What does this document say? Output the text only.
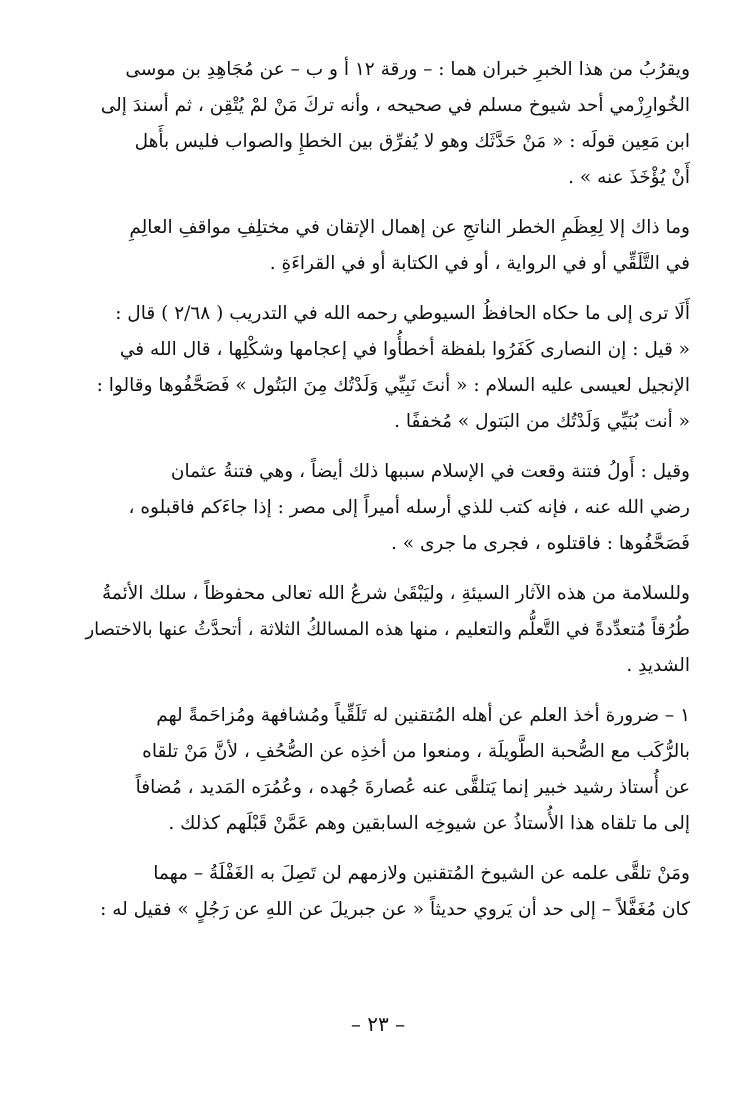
ويقرُبُ من هذا الخبرِ خبران هما : – ورقة ١٢ أ و ب – عن مُجَاهِدِ بن موسى
الخُوارِزْمي أحد شيوخ مسلم في صحيحه ، وأنه تركَ مَنْ لمْ يُتْقِن ، ثم أسندَ إلى
ابن مَعِين قولَه : « مَنْ حَدَّثَك وهو لا يُفرِّق بين الخطإِ والصواب فليس بأَهل
أَنْ يُؤْخَذَ عنه » .
وما ذاك إلا لِعِظَمِ الخطر الناتجِ عن إهمال الإتقان في مختلِفِ مواقفِ العالِمِ
في التَّلَقِّي أو في الرواية ، أو في الكتابة أو في القراءَةِ .
أَلَا ترى إلى ما حكاه الحافظُ السيوطي رحمه الله في التدريب ( ٢/٦٨ ) قال :
« قيل : إن النصارى كَفَرُوا بلفظة أخطأُوا في إعجامها وشكْلِها ، قال الله في
الإنجيل لعيسى عليه السلام : « أنتَ نَبِيِّي وَلَدْتُك مِنَ البَتُول » فَصَحَّفُوها وقالوا :
« أنت بُنَيِّي وَلَدْتُك من البَتول » مُخففًا .
وقيل : أَولُ فتنة وقعت في الإسلام سببها ذلك أيضاً ، وهي فتنةُ عثمان
رضي الله عنه ، فإنه كتب للذي أرسله أميراً إلى مصر : إذا جاءَكم فاقبلوه ،
فَصَحَّفُوها : فاقتلوه ، فجرى ما جرى » .
وللسلامة من هذه الآثار السيئةِ ، وليَبْقَىٰ شرعُ الله تعالى محفوظاً ، سلك الأئمةُ
طُرُقاً مُتعدِّدةً في التَّعلُّم والتعليم ، منها هذه المسالكُ الثلاثة ، أتحدَّثُ عنها بالاختصار
الشديدِ .
١ – ضرورة أخذ العلم عن أهله المُتقنين له تَلَقِّياً ومُشافهة ومُزاحَمةً لهم
بالرُّكَب مع الصُّحبة الطَّويلَة ، ومنعوا من أخذِه عن الصُّحُفِ ، لأنَّ مَنْ تلقاه
عن أُستاذ رشيد خبير إنما يَتلقَّى عنه عُصارةَ جُهده ، وعُمُرَه المَديد ، مُضافاً
إلى ما تلقاه هذا الأُستاذُ عن شيوخِه السابقين وهم عَمَّنْ قَبْلَهم كذلك .
ومَنْ تلقَّى علمه عن الشيوخ المُتقنين ولازمهم لن تَصِلَ به الغَفْلَةُ – مهما
كان مُغَفَّلاً – إلى حد أن يَروي حديثاً « عن جبريلَ عن اللهِ عن رَجُلٍ » فقيل له :
– ٢٣ –
